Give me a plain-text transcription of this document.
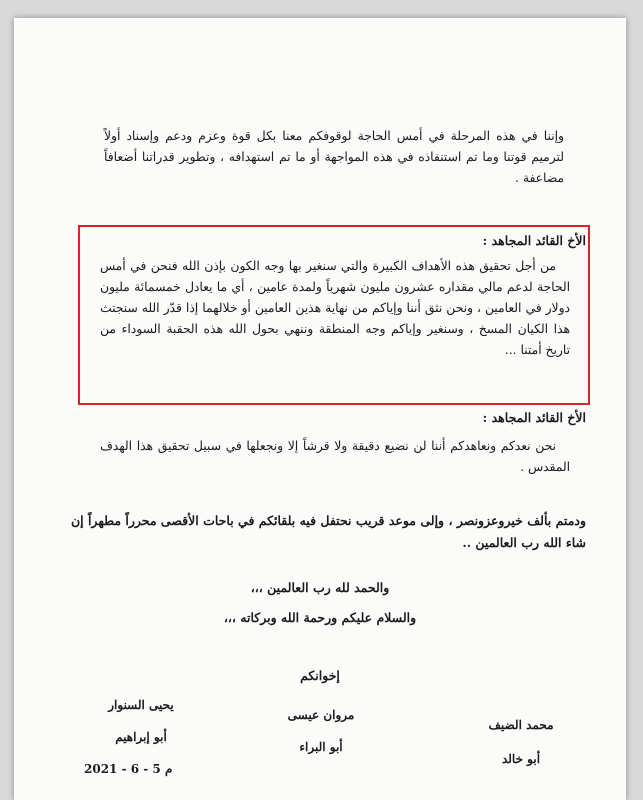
وإننا في هذه المرحلة في أمس الحاجة لوقوفكم معنا بكل قوة وعزم ودعم وإسناد أولاً لترميم قوتنا وما تم استنفاذه في هذه المواجهة أو ما تم استهدافه ، وتطوير قدراتنا أضعافاً مضاعفة .
الأخ القائد المجاهد :
من أجل تحقيق هذه الأهداف الكبيرة والتي سنغير بها وجه الكون بإذن الله فنحن في أمس الحاجة لدعم مالي مقداره عشرون مليون شهرياً ولمدة عامين ، أي ما يعادل خمسمائة مليون دولار في العامين ، ونحن نثق أننا وإياكم من نهاية هذين العامين أو خلالهما إذا قدّر الله سنجتث هذا الكيان المسخ ، وسنغير وإياكم وجه المنطقة وننهي بحول الله هذه الحقبة السوداء من تاريخ أمتنا ...
الأخ القائد المجاهد :
نحن نعدكم ونعاهدكم أننا لن نضيع دقيقة ولا قرشاً إلا ونجعلها في سبيل تحقيق هذا الهدف المقدس .
ودمتم بألف خيروعزونصر ، وإلى موعد قريب نحتفل فيه بلقائكم في باحات الأقصى محرراً مطهراً إن شاء الله رب العالمين ..
والحمد لله رب العالمين ،،،
والسلام عليكم ورحمة الله وبركاته ،،،
إخوانكم
محمد الضيف
مروان عيسى
يحيى السنوار
أبو خالد
أبو البراء
أبو إبراهيم
2021 - 6 - 5 م
